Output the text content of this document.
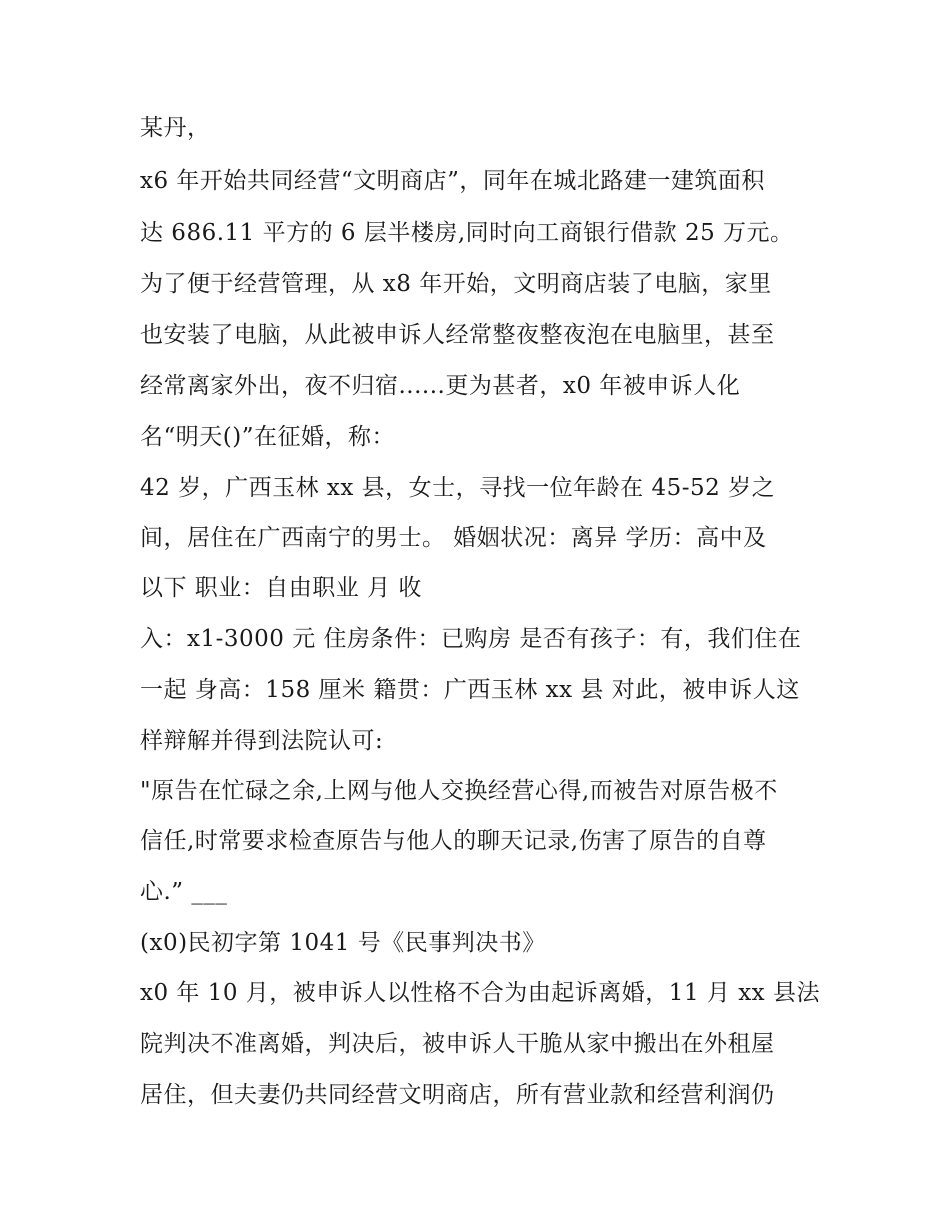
某丹，
x6 年开始共同经营“文明商店”，同年在城北路建一建筑面积
达 686.11 平方的 6 层半楼房,同时向工商银行借款 25 万元。
为了便于经营管理，从 x8 年开始，文明商店装了电脑，家里
也安装了电脑，从此被申诉人经常整夜整夜泡在电脑里，甚至
经常离家外出，夜不归宿......更为甚者，x0 年被申诉人化
名“明天()”在征婚，称：
42 岁，广西玉林 xx 县，女士，寻找一位年龄在 45-52 岁之
间，居住在广西南宁的男士。 婚姻状况：离异 学历：高中及
以下 职业：自由职业 月 收
入：x1-3000 元 住房条件：已购房 是否有孩子：有，我们住在
一起 身高：158 厘米 籍贯：广西玉林 xx 县 对此，被申诉人这
样辩解并得到法院认可:
"原告在忙碌之余,上网与他人交换经营心得,而被告对原告极不
信任,时常要求检查原告与他人的聊天记录,伤害了原告的自尊
心.” ___
(x0)民初字第 1041 号《民事判决书》
x0 年 10 月，被申诉人以性格不合为由起诉离婚，11 月 xx 县法
院判决不准离婚，判决后，被申诉人干脆从家中搬出在外租屋
居住，但夫妻仍共同经营文明商店，所有营业款和经营利润仍
